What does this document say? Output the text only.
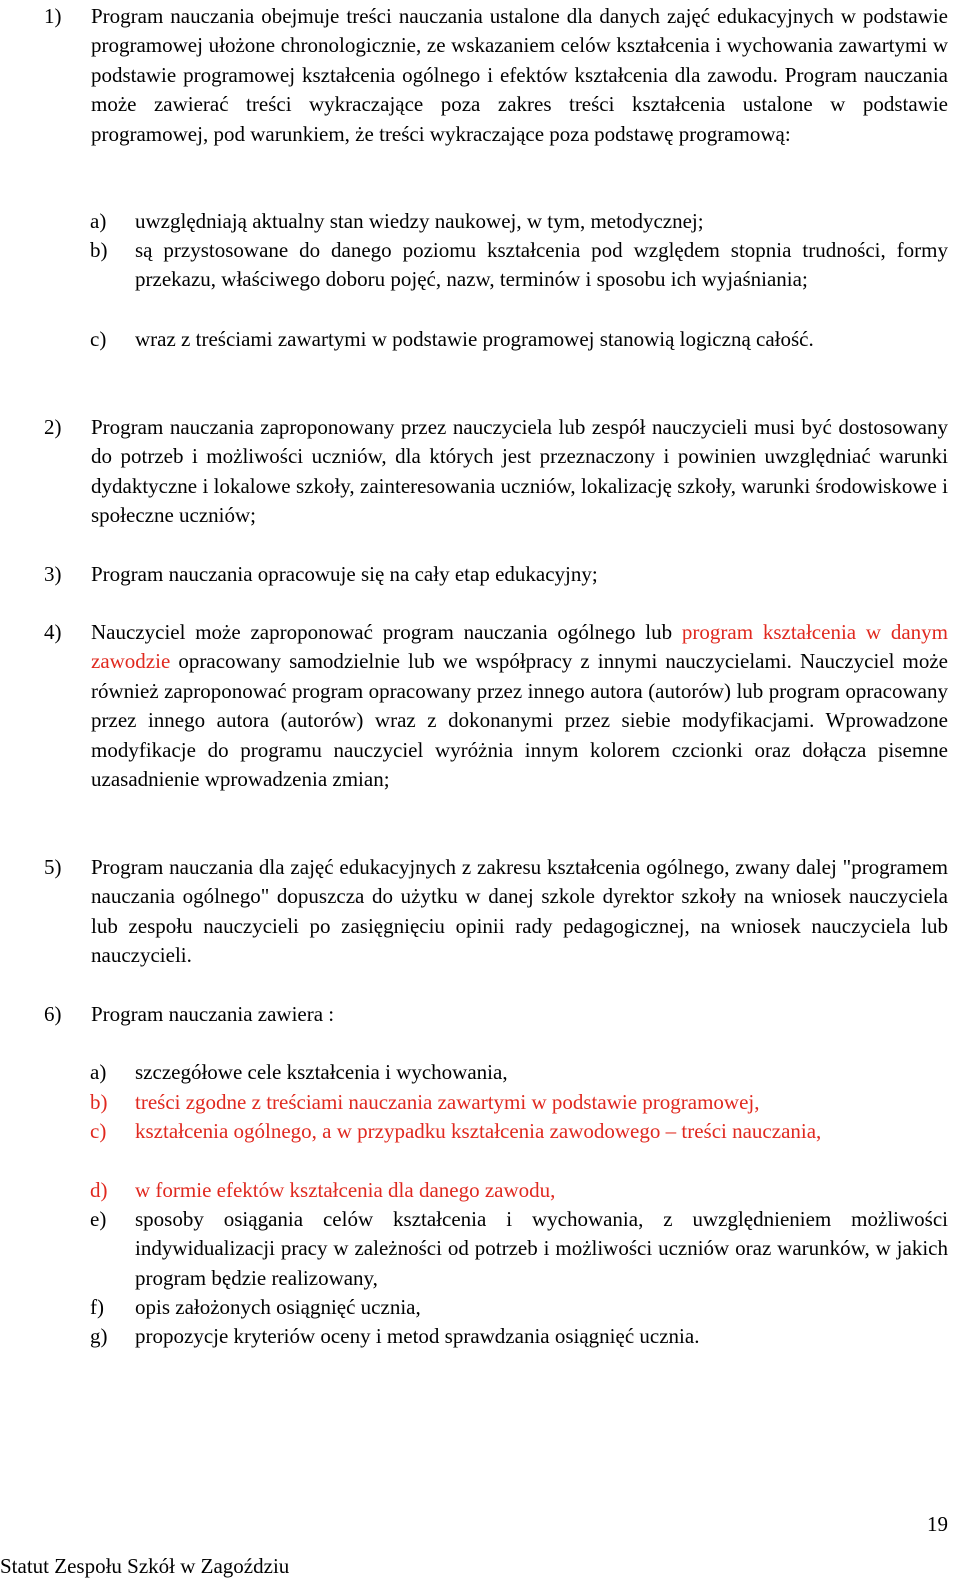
1) Program nauczania obejmuje treści nauczania ustalone dla danych zajęć edukacyjnych w podstawie programowej ułożone chronologicznie, ze wskazaniem celów kształcenia i wychowania zawartymi w podstawie programowej kształcenia ogólnego i efektów kształcenia dla zawodu. Program nauczania może zawierać treści wykraczające poza zakres treści kształcenia ustalone w podstawie programowej, pod warunkiem, że treści wykraczające poza podstawę programową:
a) uwzględniają aktualny stan wiedzy naukowej, w tym, metodycznej;
b) są przystosowane do danego poziomu kształcenia pod względem stopnia trudności, formy przekazu, właściwego doboru pojęć, nazw, terminów i sposobu ich wyjaśniania;
c) wraz z treściami zawartymi w podstawie programowej stanowią logiczną całość.
2) Program nauczania zaproponowany przez nauczyciela lub zespół nauczycieli musi być dostosowany do potrzeb i możliwości uczniów, dla których jest przeznaczony i powinien uwzględniać warunki dydaktyczne i lokalowe szkoły, zainteresowania uczniów, lokalizację szkoły, warunki środowiskowe i społeczne uczniów;
3) Program nauczania opracowuje się na cały etap edukacyjny;
4) Nauczyciel może zaproponować program nauczania ogólnego lub program kształcenia w danym zawodzie opracowany samodzielnie lub we współpracy z innymi nauczycielami. Nauczyciel może również zaproponować program opracowany przez innego autora (autorów) lub program opracowany przez innego autora (autorów) wraz z dokonanymi przez siebie modyfikacjami. Wprowadzone modyfikacje do programu nauczyciel wyróżnia innym kolorem czcionki oraz dołącza pisemne uzasadnienie wprowadzenia zmian;
5) Program nauczania dla zajęć edukacyjnych z zakresu kształcenia ogólnego, zwany dalej "programem nauczania ogólnego" dopuszcza do użytku w danej szkole dyrektor szkoły na wniosek nauczyciela lub zespołu nauczycieli po zasięgnięciu opinii rady pedagogicznej, na wniosek nauczyciela lub nauczycieli.
6) Program nauczania zawiera :
a) szczegółowe cele kształcenia i wychowania,
b) treści zgodne z treściami nauczania zawartymi w podstawie programowej,
c) kształcenia ogólnego, a w przypadku kształcenia zawodowego – treści nauczania,
d) w formie efektów kształcenia dla danego zawodu,
e) sposoby osiągania celów kształcenia i wychowania, z uwzględnieniem możliwości indywidualizacji pracy w zależności od potrzeb i możliwości uczniów oraz warunków, w jakich program będzie realizowany,
f) opis założonych osiągnięć ucznia,
g) propozycje kryteriów oceny i metod sprawdzania osiągnięć ucznia.
19
Statut Zespołu Szkół w Zagoździu
